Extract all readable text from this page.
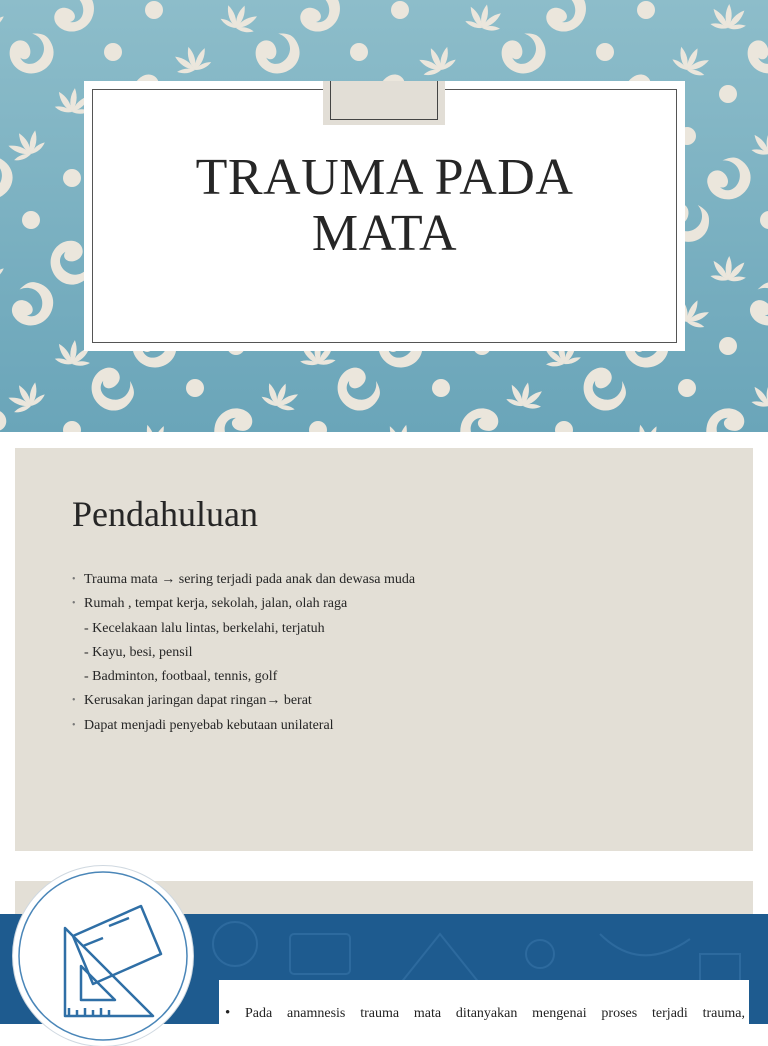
TRAUMA PADA
MATA
Pendahuluan
• Trauma mata → sering terjadi pada anak dan dewasa muda
• Rumah , tempat kerja, sekolah, jalan, olah raga
- Kecelakaan lalu lintas, berkelahi, terjatuh
- Kayu, besi, pensil
- Badminton, footbaal, tennis, golf
• Kerusakan jaringan dapat ringan→ berat
• Dapat menjadi penyebab kebutaan unilateral
• Pada anamnesis trauma mata ditanyakan mengenai proses terjadi trauma,
